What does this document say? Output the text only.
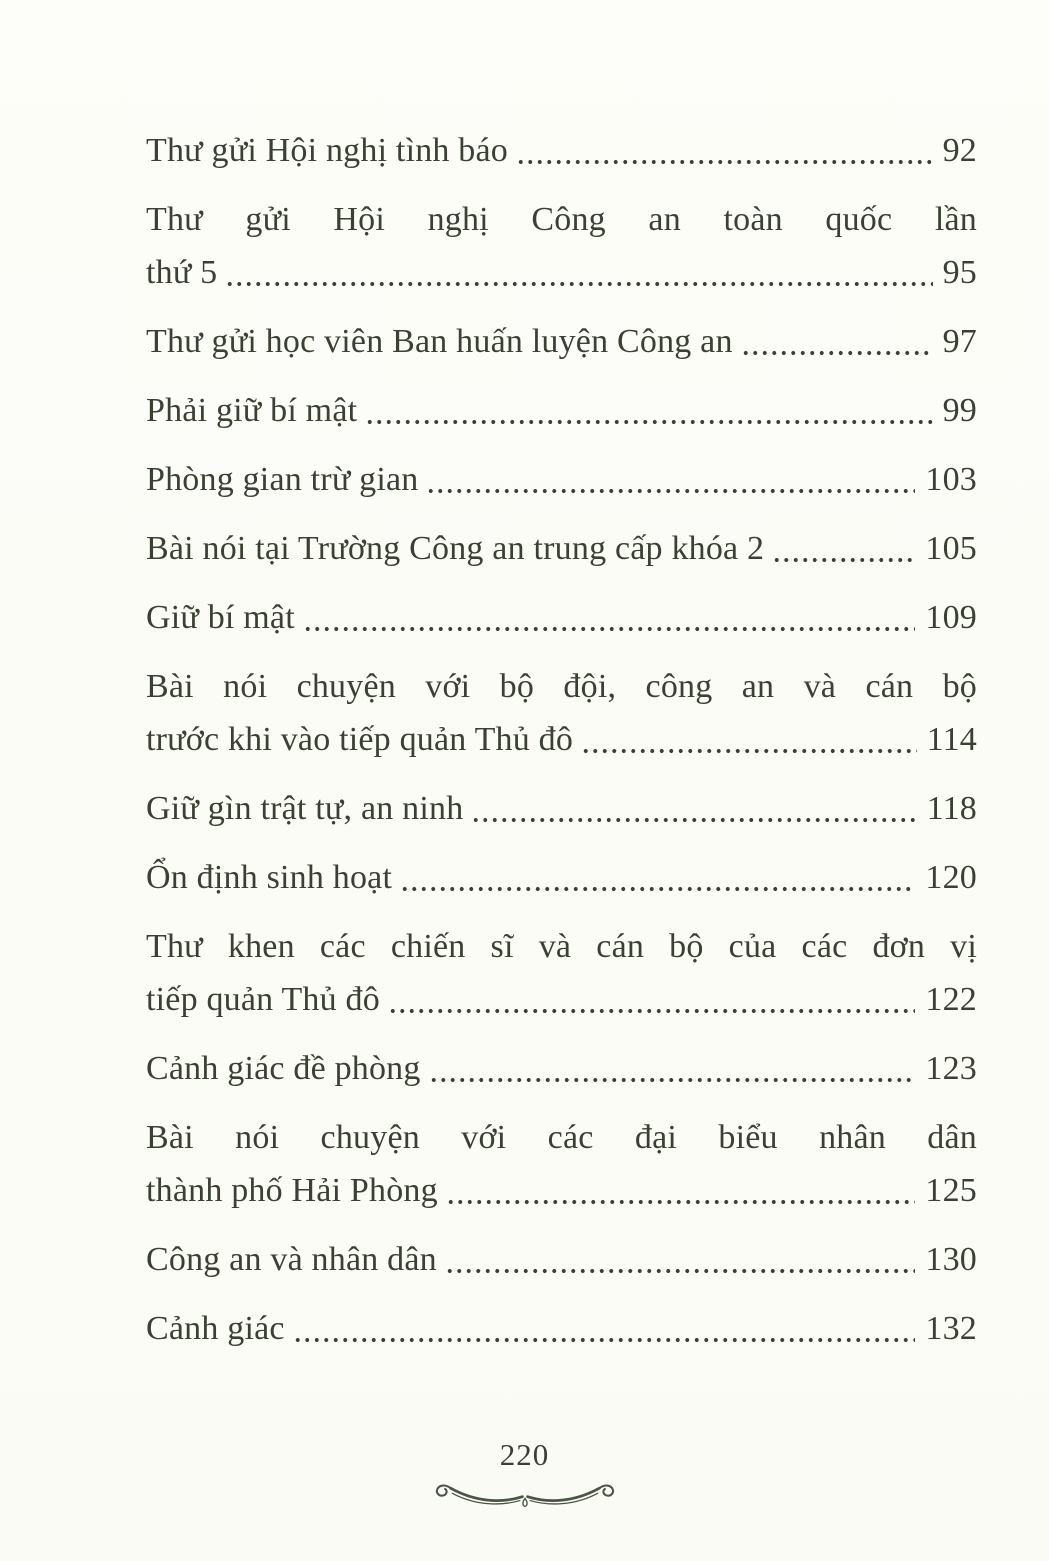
Thư gửi Hội nghị tình báo	92
Thư gửi Hội nghị Công an toàn quốc lần
thứ 5	95
Thư gửi học viên Ban huấn luyện Công an	97
Phải giữ bí mật	99
Phòng gian trừ gian	103
Bài nói tại Trường Công an trung cấp khóa 2	105
Giữ bí mật	109
Bài nói chuyện với bộ đội, công an và cán bộ
trước khi vào tiếp quản Thủ đô	114
Giữ gìn trật tự, an ninh	118
Ổn định sinh hoạt	120
Thư khen các chiến sĩ và cán bộ của các đơn vị
tiếp quản Thủ đô	122
Cảnh giác đề phòng	123
Bài nói chuyện với các đại biểu nhân dân
thành phố Hải Phòng	125
Công an và nhân dân	130
Cảnh giác	132
220
